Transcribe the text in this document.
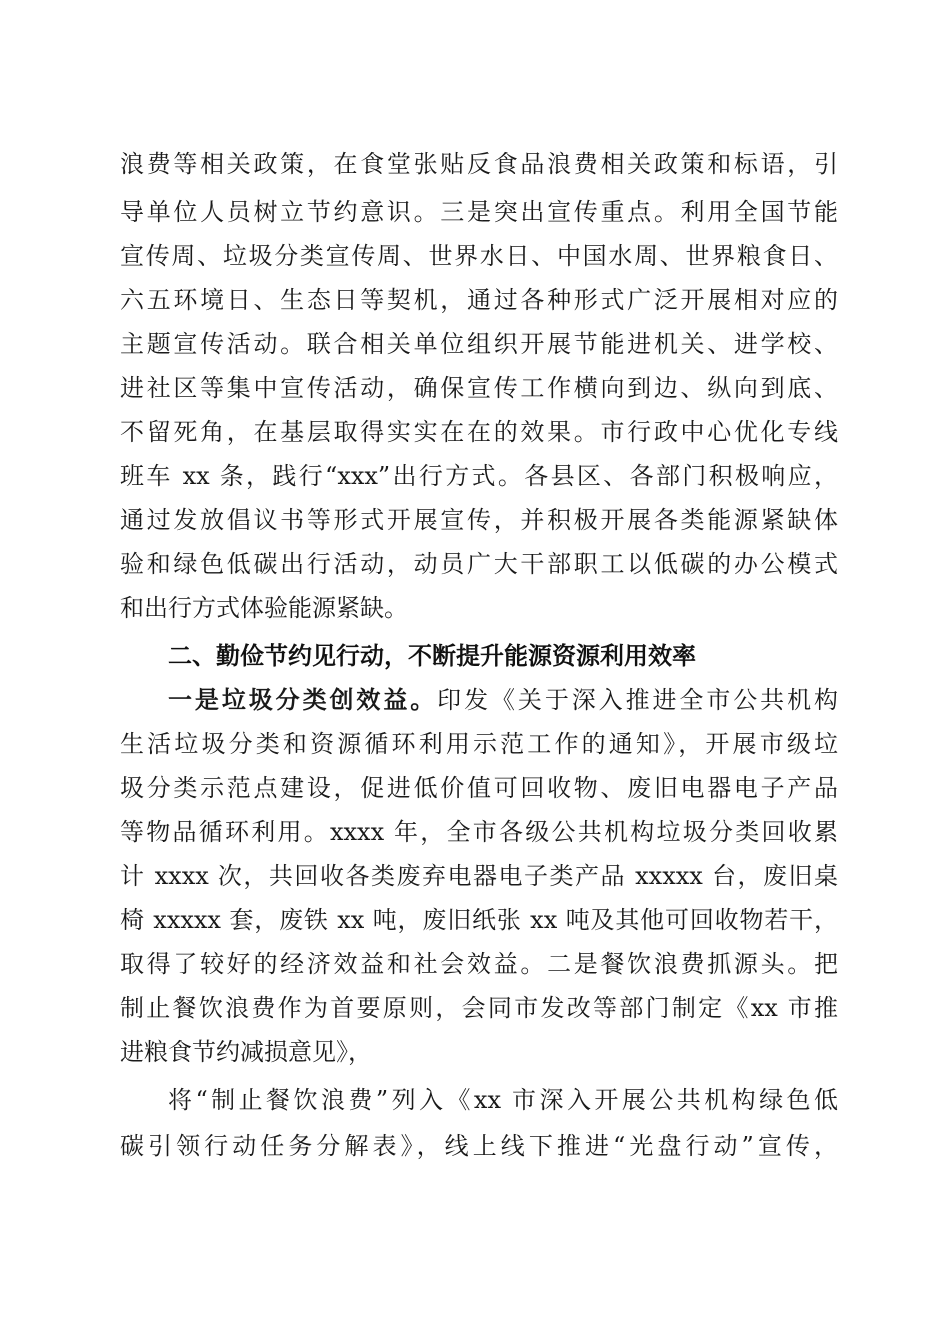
浪费等相关政策，在食堂张贴反食品浪费相关政策和标语，引
导单位人员树立节约意识。三是突出宣传重点。利用全国节能
宣传周、垃圾分类宣传周、世界水日、中国水周、世界粮食日、
六五环境日、生态日等契机，通过各种形式广泛开展相对应的
主题宣传活动。联合相关单位组织开展节能进机关、进学校、
进社区等集中宣传活动，确保宣传工作横向到边、纵向到底、
不留死角，在基层取得实实在在的效果。市行政中心优化专线
班车 xx 条，践行“xxx”出行方式。各县区、各部门积极响应，
通过发放倡议书等形式开展宣传，并积极开展各类能源紧缺体
验和绿色低碳出行活动，动员广大干部职工以低碳的办公模式
和出行方式体验能源紧缺。
二、勤俭节约见行动，不断提升能源资源利用效率
一是垃圾分类创效益。印发《关于深入推进全市公共机构
生活垃圾分类和资源循环利用示范工作的通知》，开展市级垃
圾分类示范点建设，促进低价值可回收物、废旧电器电子产品
等物品循环利用。xxxx 年，全市各级公共机构垃圾分类回收累
计 xxxx 次，共回收各类废弃电器电子类产品 xxxxx 台，废旧桌
椅 xxxxx 套，废铁 xx 吨，废旧纸张 xx 吨及其他可回收物若干，
取得了较好的经济效益和社会效益。二是餐饮浪费抓源头。把
制止餐饮浪费作为首要原则，会同市发改等部门制定《xx 市推
进粮食节约减损意见》，
将“制止餐饮浪费”列入《xx 市深入开展公共机构绿色低
碳引领行动任务分解表》，线上线下推进“光盘行动”宣传，
